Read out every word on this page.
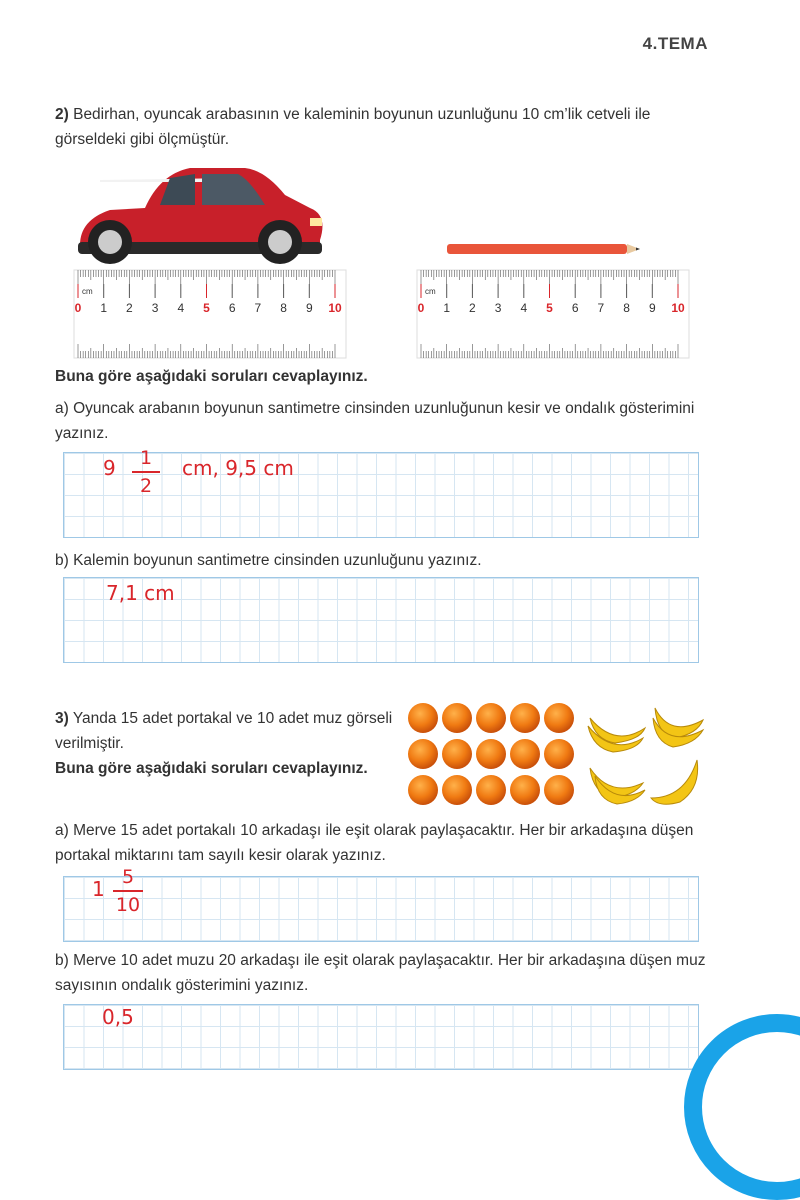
4.TEMA
2) Bedirhan, oyuncak arabasının ve kaleminin boyunun uzunluğunu 10 cm’lik cetveli ile görseldeki gibi ölçmüştür.
0 1 2 3 4 5 6 7 8 9 10
cm
0 1 2 3 4 5 6 7 8 9 10
cm
Buna göre aşağıdaki soruları cevaplayınız.
a) Oyuncak arabanın boyunun santimetre cinsinden uzunluğunun kesir ve ondalık gösterimini yazınız.
9 1
2
cm, 9,5 cm
b) Kalemin boyunun santimetre cinsinden uzunluğunu yazınız.
7,1 cm
3) Yanda 15 adet portakal ve 10 adet muz görseli verilmiştir.
Buna göre aşağıdaki soruları cevaplayınız.
a) Merve 15 adet portakalı 10 arkadaşı ile eşit olarak paylaşacaktır. Her bir arkadaşına düşen portakal miktarını tam sayılı kesir olarak yazınız.
1 5
10
b) Merve 10 adet muzu 20 arkadaşı ile eşit olarak paylaşacaktır. Her bir arkadaşına düşen muz sayısının ondalık gösterimini yazınız.
0,5
